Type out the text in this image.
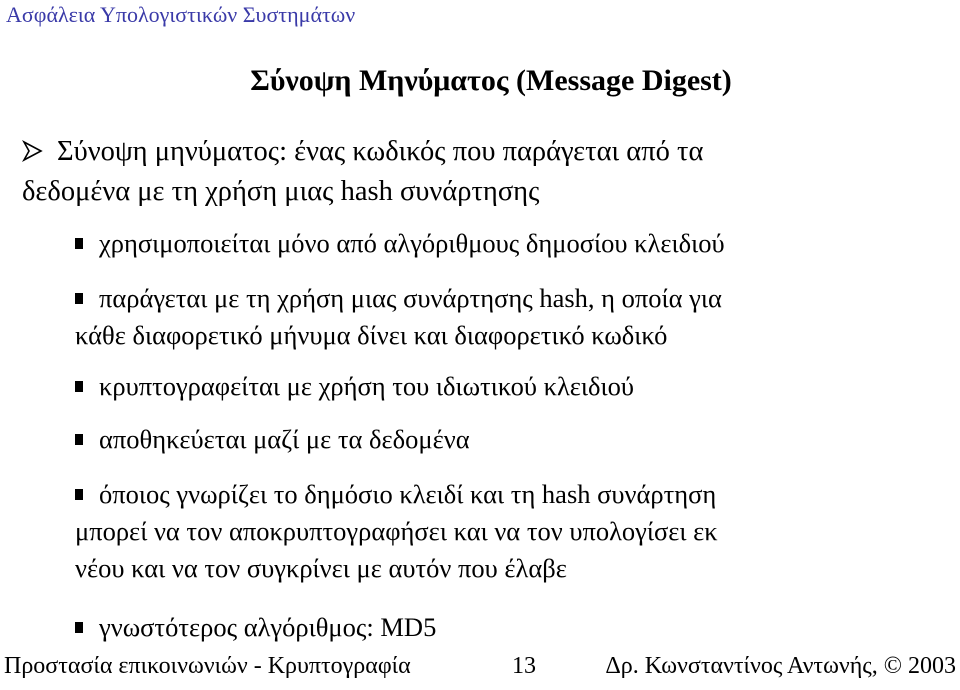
Ασφάλεια Υπολογιστικών Συστημάτων
Σύνοψη Μηνύματος (Message Digest)
Σύνοψη μηνύματος: ένας κωδικός που παράγεται από τα
δεδομένα με τη χρήση μιας hash συνάρτησης
χρησιμοποιείται μόνο από αλγόριθμους δημοσίου κλειδιού
παράγεται με τη χρήση μιας συνάρτησης hash, η οποία για
κάθε διαφορετικό μήνυμα δίνει και διαφορετικό κωδικό
κρυπτογραφείται με χρήση του ιδιωτικού κλειδιού
αποθηκεύεται μαζί με τα δεδομένα
όποιος γνωρίζει το δημόσιο κλειδί και τη hash συνάρτηση
μπορεί να τον αποκρυπτογραφήσει και να τον υπολογίσει εκ
νέου και να τον συγκρίνει με αυτόν που έλαβε
γνωστότερος αλγόριθμος: MD5
Προστασία επικοινωνιών - Κρυπτογραφία	13	Δρ. Κωνσταντίνος Αντωνής, © 2003
